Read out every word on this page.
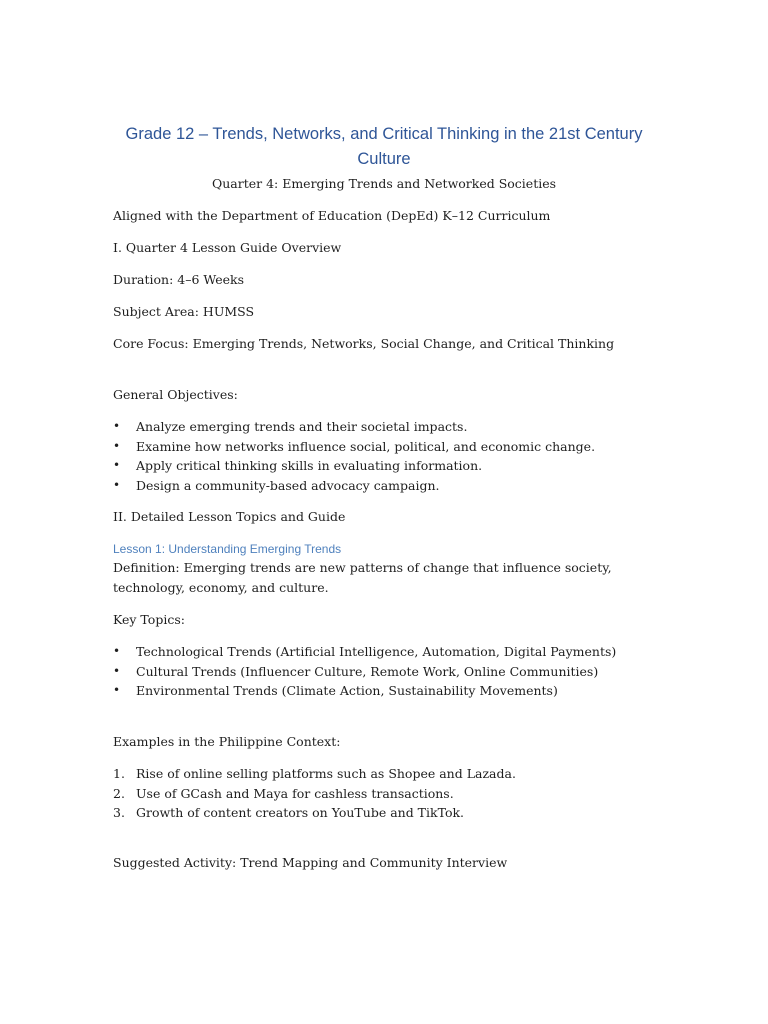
Grade 12 – Trends, Networks, and Critical Thinking in the 21st Century Culture

Quarter 4: Emerging Trends and Networked Societies

Aligned with the Department of Education (DepEd) K–12 Curriculum

I. Quarter 4 Lesson Guide Overview

Duration: 4–6 Weeks

Subject Area: HUMSS

Core Focus: Emerging Trends, Networks, Social Change, and Critical Thinking

General Objectives:

• Analyze emerging trends and their societal impacts.
• Examine how networks influence social, political, and economic change.
• Apply critical thinking skills in evaluating information.
• Design a community-based advocacy campaign.

II. Detailed Lesson Topics and Guide

Lesson 1: Understanding Emerging Trends

Definition: Emerging trends are new patterns of change that influence society, technology, economy, and culture.

Key Topics:

• Technological Trends (Artificial Intelligence, Automation, Digital Payments)
• Cultural Trends (Influencer Culture, Remote Work, Online Communities)
• Environmental Trends (Climate Action, Sustainability Movements)

Examples in the Philippine Context:

1. Rise of online selling platforms such as Shopee and Lazada.
2. Use of GCash and Maya for cashless transactions.
3. Growth of content creators on YouTube and TikTok.

Suggested Activity: Trend Mapping and Community Interview
